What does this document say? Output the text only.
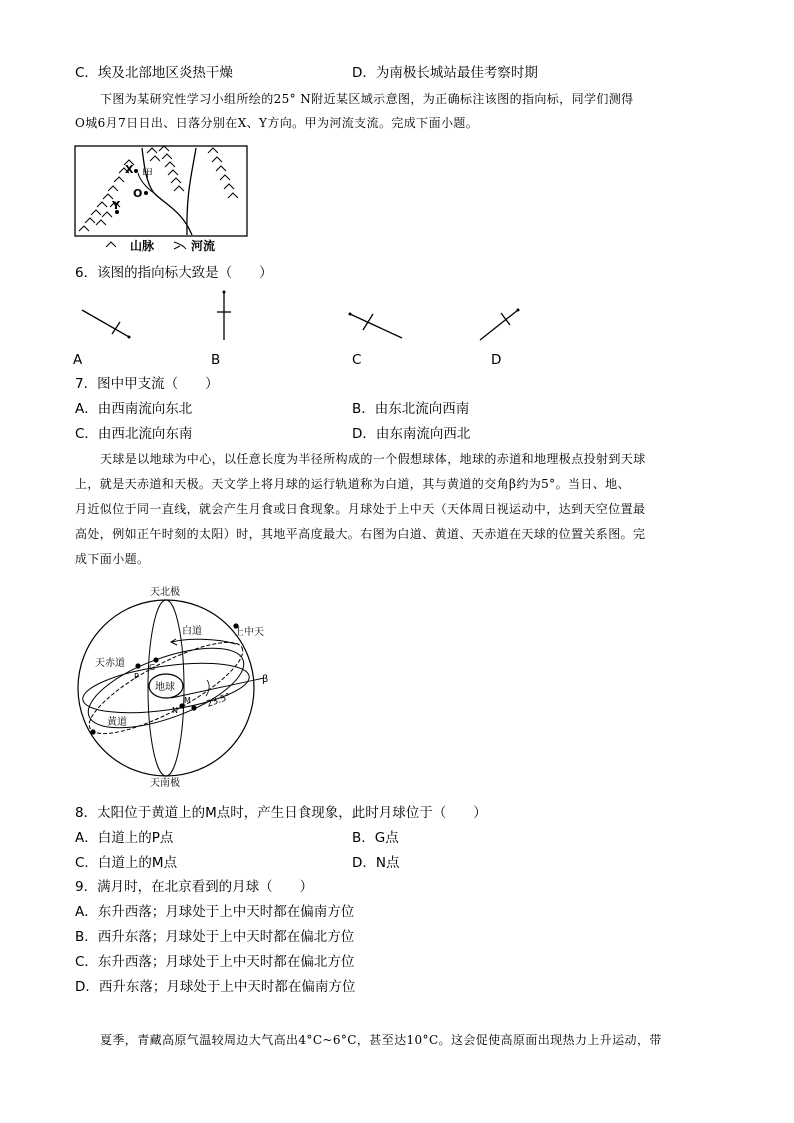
C．埃及北部地区炎热干燥	D．为南极长城站最佳考察时期
下图为某研究性学习小组所绘的25° N附近某区域示意图，为正确标注该图的指向标，同学们测得
O城6月7日日出、日落分别在X、Y方向。甲为河流支流。完成下面小题。
X 甲
O
Y
山脉	河流
6．该图的指向标大致是（　　）
A	B	C	D
7．图中甲支流（　　）
A．由西南流向东北	B．由东北流向西南
C．由西北流向东南	D．由东南流向西北
天球是以地球为中心，以任意长度为半径所构成的一个假想球体，地球的赤道和地理极点投射到天球
上，就是天赤道和天极。天文学上将月球的运行轨道称为白道，其与黄道的交角β约为5°。当日、地、
月近似位于同一直线，就会产生月食或日食现象。月球处于上中天（天体周日视运动中，达到天空位置最
高处，例如正午时刻的太阳）时，其地平高度最大。右图为白道、黄道、天赤道在天球的位置关系图。完
成下面小题。
天北极
天南极
白道	上中天
天赤道
黄道
地球
P
G
N
M
β
23.5°
8．太阳位于黄道上的M点时，产生日食现象，此时月球位于（　　）
A．白道上的P点	B．G点
C．白道上的M点	D．N点
9．满月时，在北京看到的月球（　　）
A．东升西落；月球处于上中天时都在偏南方位
B．西升东落；月球处于上中天时都在偏北方位
C．东升西落；月球处于上中天时都在偏北方位
D．西升东落；月球处于上中天时都在偏南方位
夏季，青藏高原气温较周边大气高出4°C~6°C，甚至达10°C。这会促使高原面出现热力上升运动，带
